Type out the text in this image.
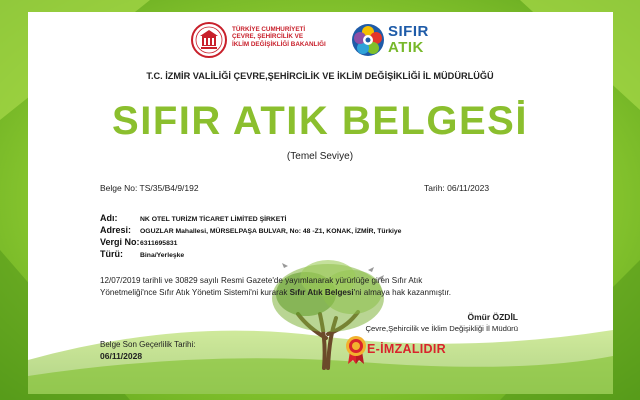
TÜRKİYE CUMHURİYETİ
ÇEVRE, ŞEHİRCİLİK VE
İKLİM DEĞİŞİKLİĞİ BAKANLIĞI
SIFIR
ATIK
T.C. İZMİR VALİLİĞİ ÇEVRE,ŞEHİRCİLİK VE İKLİM DEĞİŞİKLİĞİ İL MÜDÜRLÜĞÜ
SIFIR ATIK BELGESİ
(Temel Seviye)
Belge No: TS/35/B4/9/192	Tarih: 06/11/2023
Adı:	NK OTEL TURİZM TİCARET LİMİTED ŞİRKETİ
Adresi: OGUZLAR Mahallesi, MÜRSELPAŞA BULVAR, No: 48 -Z1, KONAK, İZMİR, Türkiye
Vergi No:6311695831
Türü:	Bina/Yerleşke
12/07/2019 tarihli ve 30829 sayılı Resmi Gazete'de yayımlanarak yürürlüğe giren Sıfır Atık
Yönetmeliği'nce Sıfır Atık Yönetim Sistemi'ni kurarak Sıfır Atık Belgesi'ni almaya hak kazanmıştır.
Ömür ÖZDİL
Çevre,Şehircilik ve İklim Değişikliği İl Müdürü
E-İMZALIDIR
Belge Son Geçerlilik Tarihi:
06/11/2028
